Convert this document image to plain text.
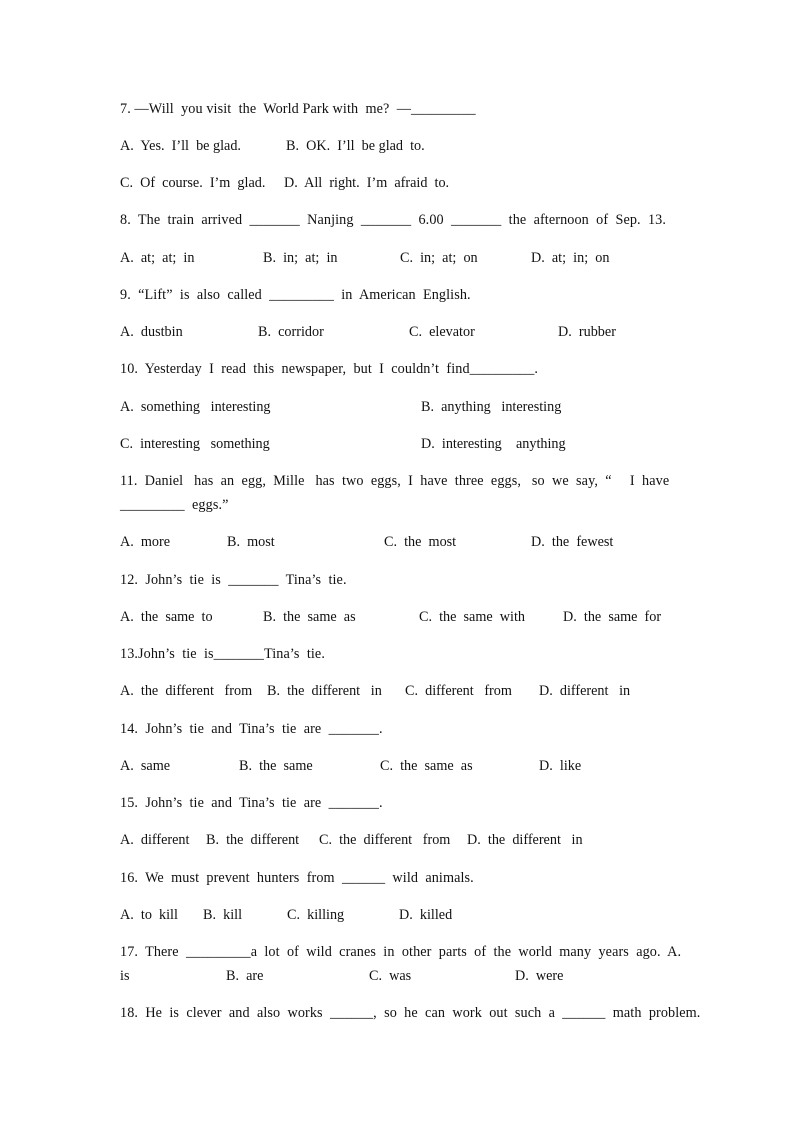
7. —Will  you visit  the  World Park with  me?  —_________

A.  Yes.  I’ll  be glad.

	B.  OK.  I’ll  be glad  to.

C.  Of  course.  I’m  glad.

D.  All  right.  I’m  afraid  to.

8.  The  train  arrived  _______  Nanjing  _______  6.00  _______  the  afternoon  of  Sep.  13.

A.  at;  at;  in

	B.  in;  at;  in

	C.  in;  at;  on

	D.  at;  in;  on

9.  “Lift”  is  also  called  _________  in  American  English.

A.  dustbin

	B.  corridor

	C.  elevator

	D.  rubber

10.  Yesterday  I  read  this  newspaper,  but  I  couldn’t  find_________.

A.  something   interesting

	B.  anything   interesting

C.  interesting   something

	D.  interesting    anything

11.  Daniel   has  an  egg,  Mille   has  two  eggs,  I  have  three  eggs,   so  we  say,  “     I  have
_________  eggs.”

A.  more

	B.  most

	C.  the  most

	D.  the  fewest

12.  John’s  tie  is  _______  Tina’s  tie.

A.  the  same  to

	B.  the  same  as

	C.  the  same  with

	D.  the  same  for

13.John’s  tie  is_______Tina’s  tie.

A.  the  different   from

B.  the  different   in

C.  different   from

D.  different   in

14.  John’s  tie  and  Tina’s  tie  are  _______.

A.  same

	B.  the  same

	C.  the  same  as

	D.  like

15.  John’s  tie  and  Tina’s  tie  are  _______.

A.  different

B.  the  different

C.  the  different   from

D.  the  different   in

16.  We  must  prevent  hunters  from  ______  wild  animals.

A.  to  kill

B.  kill

	C.  killing

	D.  killed

17.  There  _________a  lot  of  wild  cranes  in  other  parts  of  the  world  many  years  ago.  A.

is

	B.  are

	C.  was

	D.  were

18.  He  is  clever  and  also  works  ______,  so  he  can  work  out  such  a  ______  math  problem.
